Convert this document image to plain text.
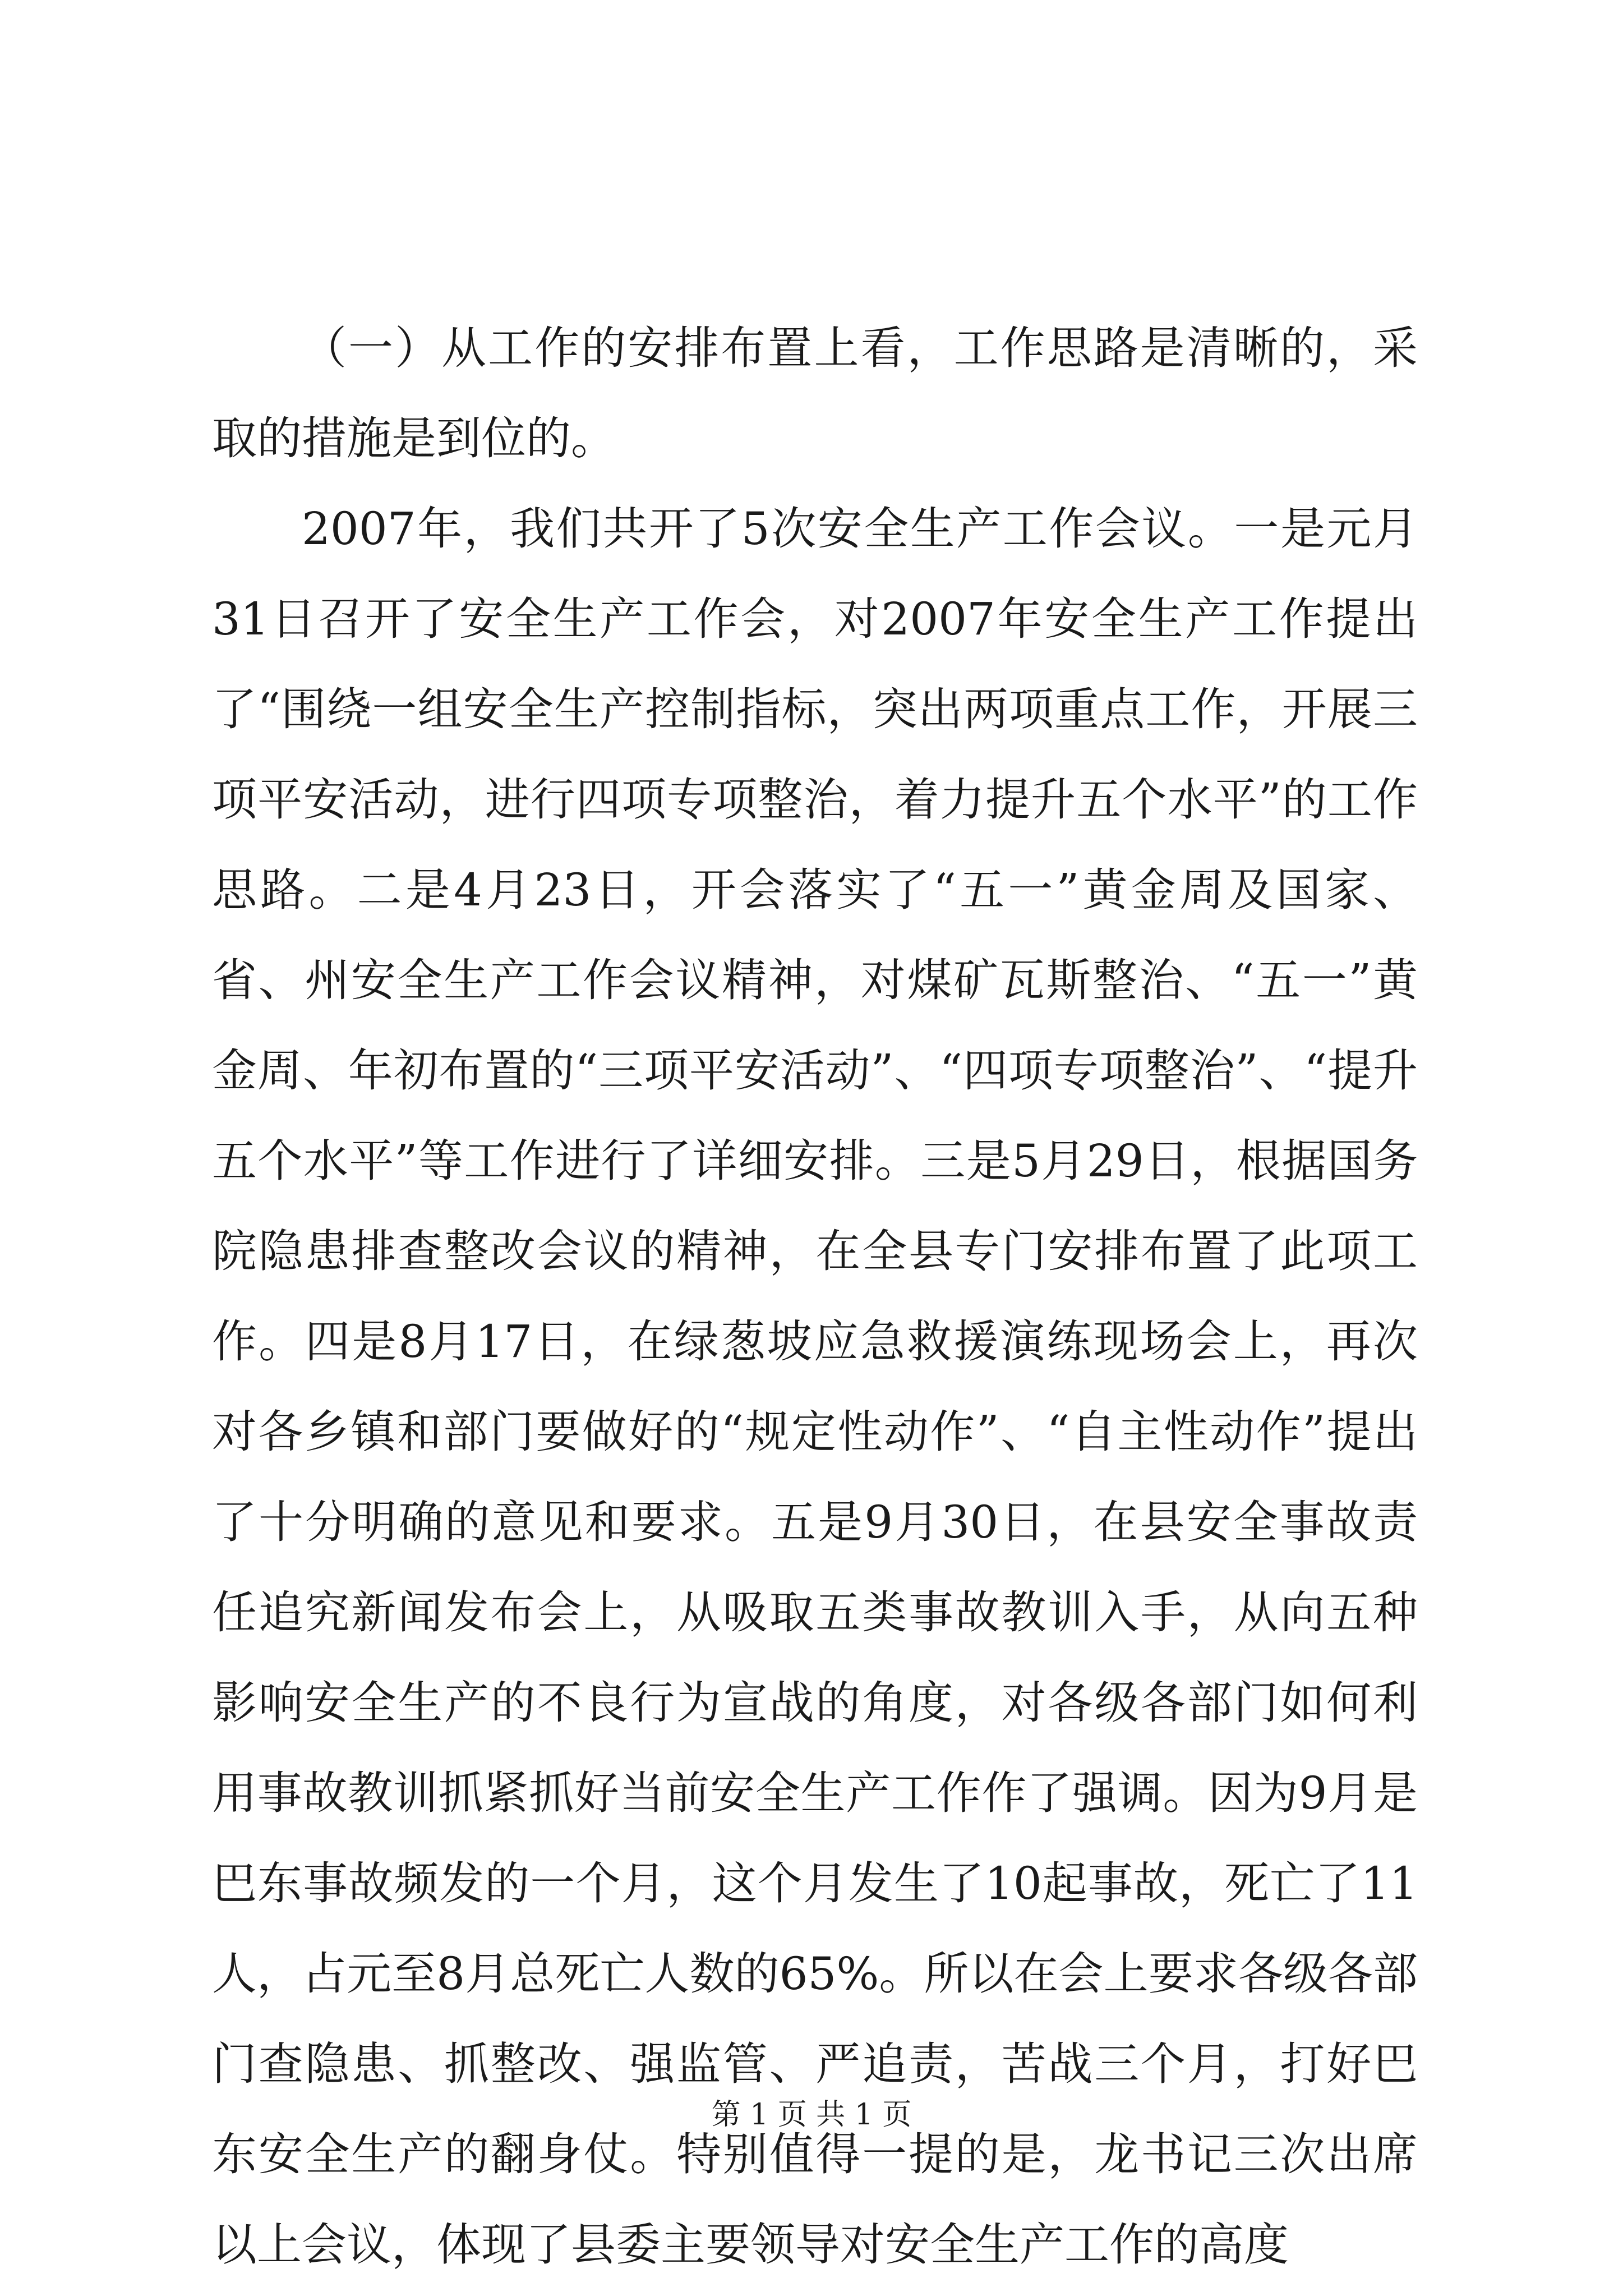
（一）从工作的安排布置上看，工作思路是清晰的，采取的措施是到位的。

2007年，我们共开了5次安全生产工作会议。一是元月31日召开了安全生产工作会，对2007年安全生产工作提出了“围绕一组安全生产控制指标，突出两项重点工作，开展三项平安活动，进行四项专项整治，着力提升五个水平”的工作思路。二是4月23日，开会落实了“五一”黄金周及国家、省、州安全生产工作会议精神，对煤矿瓦斯整治、“五一”黄金周、年初布置的“三项平安活动”、“四项专项整治”、“提升五个水平”等工作进行了详细安排。三是5月29日，根据国务院隐患排查整改会议的精神，在全县专门安排布置了此项工作。四是8月17日，在绿葱坡应急救援演练现场会上，再次对各乡镇和部门要做好的“规定性动作”、“自主性动作”提出了十分明确的意见和要求。五是9月30日，在县安全事故责任追究新闻发布会上，从吸取五类事故教训入手，从向五种影响安全生产的不良行为宣战的角度，对各级各部门如何利用事故教训抓紧抓好当前安全生产工作作了强调。因为9月是巴东事故频发的一个月，这个月发生了10起事故，死亡了11人，占元至8月总死亡人数的65%。所以在会上要求各级各部门查隐患、抓整改、强监管、严追责，苦战三个月，打好巴东安全生产的翻身仗。特别值得一提的是，龙书记三次出席以上会议，体现了县委主要领导对安全生产工作的高度

第 1 页 共 1 页
